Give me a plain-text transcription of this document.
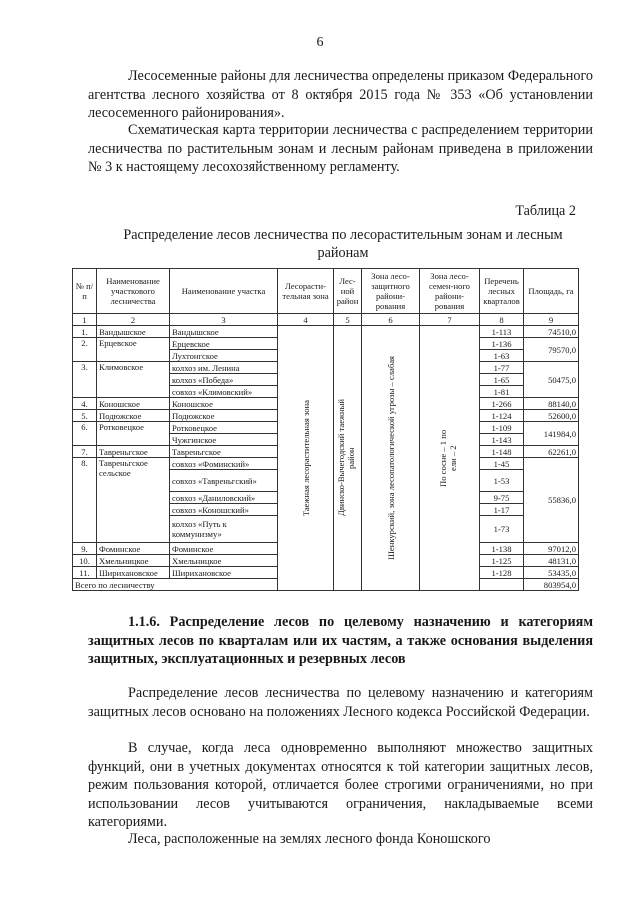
6

Лесосеменные районы для лесничества определены приказом Федерального агентства лесного хозяйства от 8 октября 2015 года № 353 «Об установлении лесосеменного районирования».

Схематическая карта территории лесничества с распределением территории лесничества по растительным зонам и лесным районам приведена в приложении № 3 к настоящему лесохозяйственному регламенту.

Таблица 2
Распределение лесов лесничества по лесорастительным зонам и лесным районам
№ п/п	Наименование участкового лесничества	Наименование участка	Лесорасти-тельная зона	Лес-ной район	Зона лесо-защитного райони-рования	Зона лесо-семен-ного райони-рования	Перечень лесных кварталов	Площадь, га
1	2	3	4	5	6	7	8	9
1.	Вандышское	Вандышское	Таежная лесорастительная зона	Двинско-Вычегодский таежный район	Шенкурский, зона лесопатологической угрозы – слабая	По сосне – 1 по ели – 2	1-113	74510,0
2.	Ерцевское	Ерцевское					1-136	79570,0
		Лухтонгское					1-63	
3.	Климовское	колхоз им. Ленина					1-77	50475,0
		колхоз «Победа»					1-65	
		совхоз «Климовский»					1-81	
4.	Коношское	Коношское					1-266	88140,0
5.	Подюжское	Подюжское					1-124	52600,0
6.	Ротковецкое	Ротковецкое					1-109	141984,0
		Чужгинское					1-143	
7.	Тавреньгское	Тавреньгское					1-148	62261,0
8.	Тавреньгское сельское	совхоз «Фоминский»					1-45	55836,0
		совхоз «Тавреньгский»					1-53	
		совхоз «Даниловский»					9-75	
		совхоз «Коношский»					1-17	
		колхоз «Путь к коммунизму»					1-73	
9.	Фоминское	Фоминское					1-138	97012,0
10.	Хмельницкое	Хмельницкое					1-125	48131,0
11.	Шиpихановское	Шириxановское					1-128	53435,0
Всего по лесничеству								803954,0

1.1.6. Распределение лесов по целевому назначению и категориям защитных лесов по кварталам или их частям, а также основания выделения защитных, эксплуатационных и резервных лесов

Распределение лесов лесничества по целевому назначению и категориям защитных лесов основано на положениях Лесного кодекса Российской Федерации.

В случае, когда леса одновременно выполняют множество защитных функций, они в учетных документах относятся к той категории защитных лесов, режим пользования которой, отличается более строгими ограничениями, но при использовании лесов учитываются ограничения, накладываемые всеми категориями.

Леса, расположенные на землях лесного фонда Коношского
